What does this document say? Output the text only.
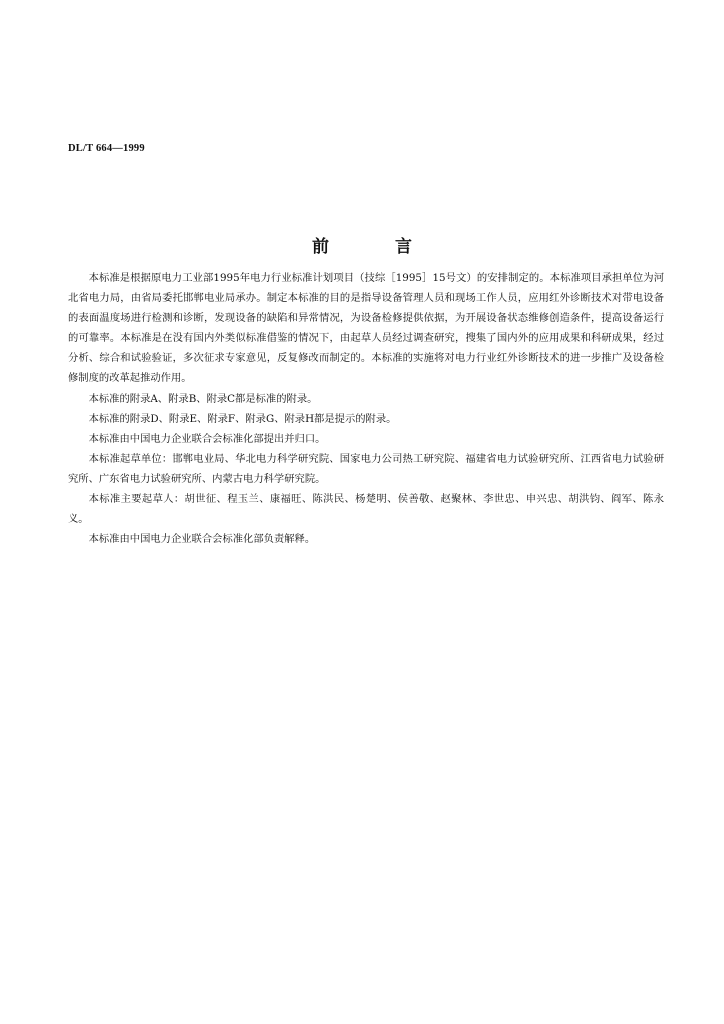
DL/T 664—1999
前 言

本标准是根据原电力工业部1995年电力行业标准计划项目（技综［1995］15号文）的安排制定的。本标准项目承担单位为河北省电力局，由省局委托邯郸电业局承办。制定本标准的目的是指导设备管理人员和现场工作人员，应用红外诊断技术对带电设备的表面温度场进行检测和诊断，发现设备的缺陷和异常情况，为设备检修提供依据，为开展设备状态维修创造条件，提高设备运行的可靠率。本标准是在没有国内外类似标准借鉴的情况下，由起草人员经过调查研究，搜集了国内外的应用成果和科研成果，经过分析、综合和试验验证，多次征求专家意见，反复修改而制定的。本标准的实施将对电力行业红外诊断技术的进一步推广及设备检修制度的改革起推动作用。

本标准的附录A、附录B、附录C都是标准的附录。

本标准的附录D、附录E、附录F、附录G、附录H都是提示的附录。

本标准由中国电力企业联合会标准化部提出并归口。

本标准起草单位：邯郸电业局、华北电力科学研究院、国家电力公司热工研究院、福建省电力试验研究所、江西省电力试验研究所、广东省电力试验研究所、内蒙古电力科学研究院。

本标准主要起草人：胡世征、程玉兰、康福旺、陈洪民、杨楚明、侯善敬、赵聚林、李世忠、申兴忠、胡洪钧、阎军、陈永义。

本标准由中国电力企业联合会标准化部负责解释。
